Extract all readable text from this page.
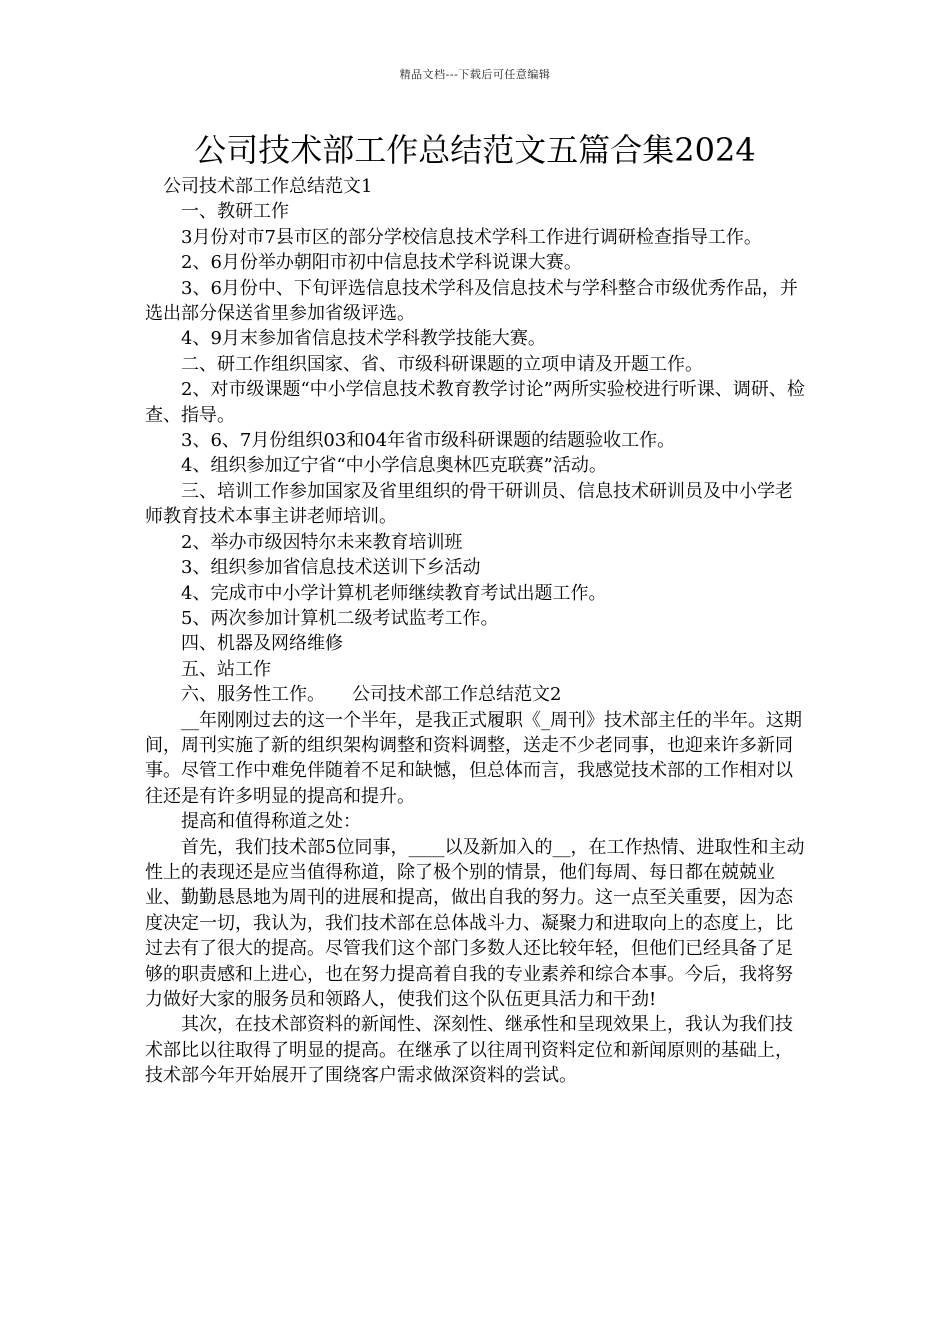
精品文档---下载后可任意编辑
公司技术部工作总结范文五篇合集2024

公司技术部工作总结范文1

一、教研工作

3月份对市7县市区的部分学校信息技术学科工作进行调研检查指导工作。

2、6月份举办朝阳市初中信息技术学科说课大赛。

3、6月份中、下旬评选信息技术学科及信息技术与学科整合市级优秀作品，并选出部分保送省里参加省级评选。

4、9月末参加省信息技术学科教学技能大赛。

二、研工作组织国家、省、市级科研课题的立项申请及开题工作。

2、对市级课题“中小学信息技术教育教学讨论”两所实验校进行听课、调研、检查、指导。

3、6、7月份组织03和04年省市级科研课题的结题验收工作。

4、组织参加辽宁省“中小学信息奥林匹克联赛”活动。

三、培训工作参加国家及省里组织的骨干研训员、信息技术研训员及中小学老师教育技术本事主讲老师培训。

2、举办市级因特尔未来教育培训班

3、组织参加省信息技术送训下乡活动

4、完成市中小学计算机老师继续教育考试出题工作。

5、两次参加计算机二级考试监考工作。

四、机器及网络维修

五、站工作

六、服务性工作。　　公司技术部工作总结范文2

__年刚刚过去的这一个半年，是我正式履职《_周刊》技术部主任的半年。这期间，周刊实施了新的组织架构调整和资料调整，送走不少老同事，也迎来许多新同事。尽管工作中难免伴随着不足和缺憾，但总体而言，我感觉技术部的工作相对以往还是有许多明显的提高和提升。

提高和值得称道之处：

首先，我们技术部5位同事，____以及新加入的__，在工作热情、进取性和主动性上的表现还是应当值得称道，除了极个别的情景，他们每周、每日都在兢兢业业、勤勤恳恳地为周刊的进展和提高，做出自我的努力。这一点至关重要，因为态度决定一切，我认为，我们技术部在总体战斗力、凝聚力和进取向上的态度上，比过去有了很大的提高。尽管我们这个部门多数人还比较年轻，但他们已经具备了足够的职责感和上进心，也在努力提高着自我的专业素养和综合本事。今后，我将努力做好大家的服务员和领路人，使我们这个队伍更具活力和干劲!

其次，在技术部资料的新闻性、深刻性、继承性和呈现效果上，我认为我们技术部比以往取得了明显的提高。在继承了以往周刊资料定位和新闻原则的基础上，技术部今年开始展开了围绕客户需求做深资料的尝试。
